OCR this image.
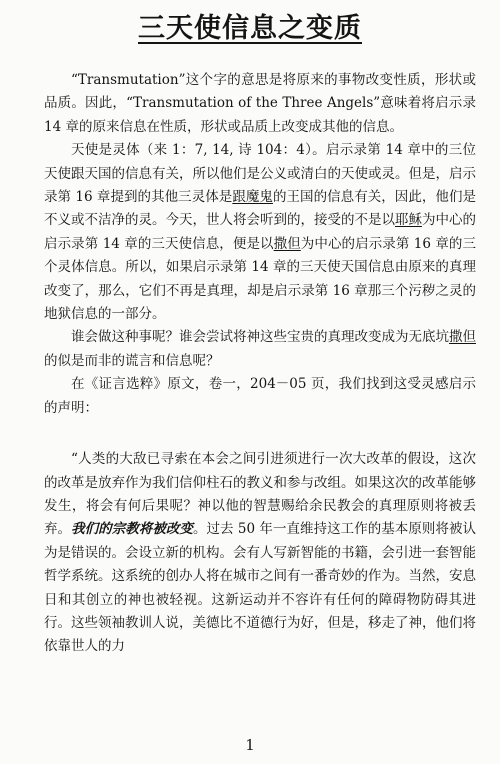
三天使信息之变质

“Transmutation”这个字的意思是将原来的事物改变性质，形状或品质。因此，“Transmutation of the Three Angels”意味着将启示录 14 章的原来信息在性质，形状或品质上改变成其他的信息。

天使是灵体（来 1：7, 14, 诗 104：4）。启示录第 14 章中的三位天使跟天国的信息有关，所以他们是公义或清白的天使或灵。但是，启示录第 16 章提到的其他三灵体是跟魔鬼的王国的信息有关，因此，他们是不义或不洁净的灵。今天，世人将会听到的，接受的不是以耶稣为中心的启示录第 14 章的三天使信息，便是以撒但为中心的启示录第 16 章的三个灵体信息。所以，如果启示录第 14 章的三天使天国信息由原来的真理改变了，那么，它们不再是真理，却是启示录第 16 章那三个污秽之灵的地狱信息的一部分。

谁会做这种事呢？谁会尝试将神这些宝贵的真理改变成为无底坑撒但的似是而非的谎言和信息呢？

在《证言选粹》原文，卷一，204－05 页，我们找到这受灵感启示的声明：

“人类的大敌已寻索在本会之间引进须进行一次大改革的假设，这次的改革是放弃作为我们信仰柱石的教义和参与改组。如果这次的改革能够发生，将会有何后果呢？神以他的智慧赐给余民教会的真理原则将被丢弃。我们的宗教将被改变。过去 50 年一直维持这工作的基本原则将被认为是错误的。会设立新的机构。会有人写新智能的书籍，会引进一套智能哲学系统。这系统的创办人将在城市之间有一番奇妙的作为。当然，安息日和其创立的神也被轻视。这新运动并不容许有任何的障碍物防碍其进行。这些领袖教训人说，美德比不道德行为好，但是，移走了神，他们将依靠世人的力

1
